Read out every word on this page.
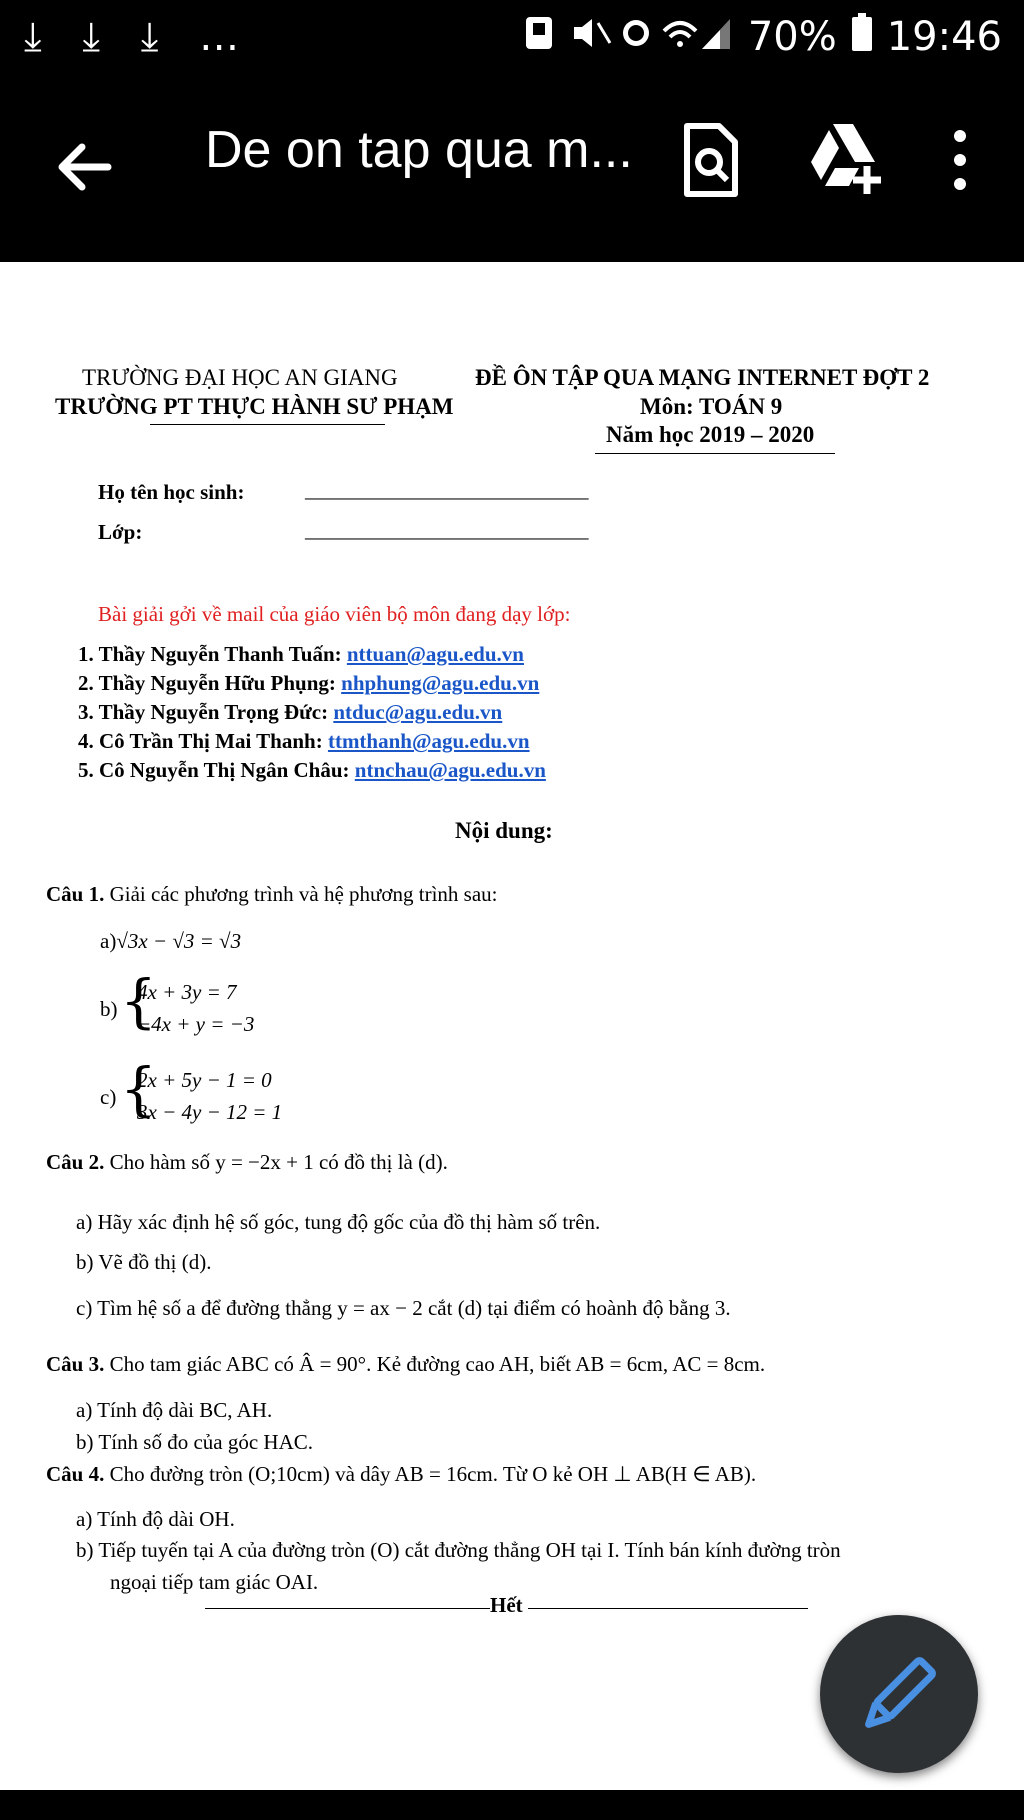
⤓ ⤓ ⤓ …	70% 19:46
De on tap qua m...
TRƯỜNG ĐẠI HỌC AN GIANG
TRƯỜNG PT THỰC HÀNH SƯ PHẠM
ĐỀ ÔN TẬP QUA MẠNG INTERNET ĐỢT 2
Môn: TOÁN 9
Năm học 2019 – 2020
Họ tên học sinh:	___________________________
Lớp:	___________________________
Bài giải gởi về mail của giáo viên bộ môn đang dạy lớp:
1. Thầy Nguyễn Thanh Tuấn: nttuan@agu.edu.vn
2. Thầy Nguyễn Hữu Phụng: nhphung@agu.edu.vn
3. Thầy Nguyễn Trọng Đức: ntduc@agu.edu.vn
4. Cô Trần Thị Mai Thanh: ttmthanh@agu.edu.vn
5. Cô Nguyễn Thị Ngân Châu: ntnchau@agu.edu.vn
Nội dung:
Câu 1. Giải các phương trình và hệ phương trình sau:
a)√3x − √3 = √3
b) {
4x + 3y = 7
−4x + y = −3
c) {
2x + 5y − 1 = 0
3x − 4y − 12 = 1
Câu 2. Cho hàm số y = −2x + 1 có đồ thị là (d).
a) Hãy xác định hệ số góc, tung độ gốc của đồ thị hàm số trên.
b) Vẽ đồ thị (d).
c) Tìm hệ số a để đường thẳng y = ax − 2 cắt (d) tại điểm có hoành độ bằng 3.
Câu 3. Cho tam giác ABC có Â = 90°. Kẻ đường cao AH, biết AB = 6cm, AC = 8cm.
a) Tính độ dài BC, AH.
b) Tính số đo của góc HAC.
Câu 4. Cho đường tròn (O;10cm) và dây AB = 16cm. Từ O kẻ OH ⊥ AB(H ∈ AB).
a) Tính độ dài OH.
b) Tiếp tuyến tại A của đường tròn (O) cắt đường thẳng OH tại I. Tính bán kính đường tròn
ngoại tiếp tam giác OAI.
Hết
